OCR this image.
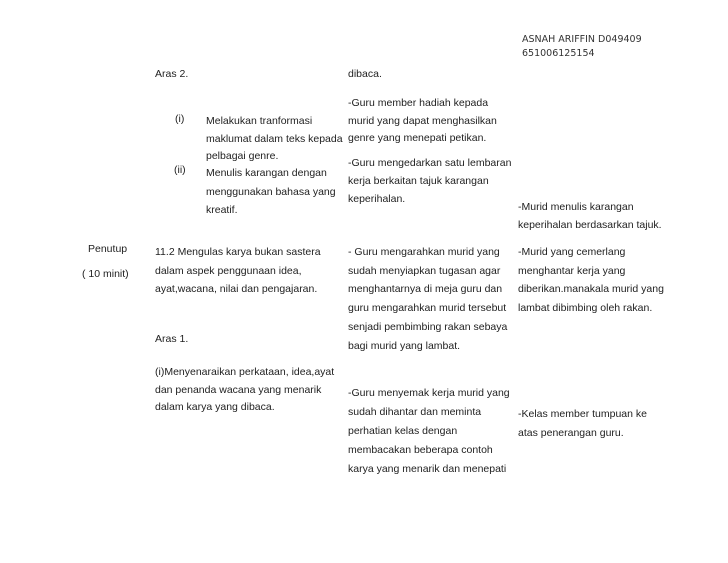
ASNAH ARIFFIN D049409
651006125154
Aras 2.	dibaca.
-Guru member hadiah kepada
murid yang dapat menghasilkan
genre yang menepati petikan.
(i) Melakukan tranformasi
maklumat dalam teks kepada
pelbagai genre.
(ii) Menulis karangan dengan
menggunakan bahasa yang
kreatif.
-Guru mengedarkan satu lembaran
kerja berkaitan tajuk karangan
keperihalan.
-Murid menulis karangan
keperihalan berdasarkan tajuk.
Penutup
( 10 minit)
11.2 Mengulas karya bukan sastera
dalam aspek penggunaan idea,
ayat,wacana, nilai dan pengajaran.
- Guru mengarahkan murid yang
sudah menyiapkan tugasan agar
menghantarnya di meja guru dan
guru mengarahkan murid tersebut
senjadi pembimbing rakan sebaya
bagi murid yang lambat.
-Murid yang cemerlang
menghantar kerja yang
diberikan.manakala murid yang
lambat dibimbing oleh rakan.
Aras 1.
(i)Menyenaraikan perkataan, idea,ayat
dan penanda wacana yang menarik
dalam karya yang dibaca.
-Guru menyemak kerja murid yang
sudah dihantar dan meminta
perhatian kelas dengan
membacakan beberapa contoh
karya yang menarik dan menepati
-Kelas member tumpuan ke
atas penerangan guru.
